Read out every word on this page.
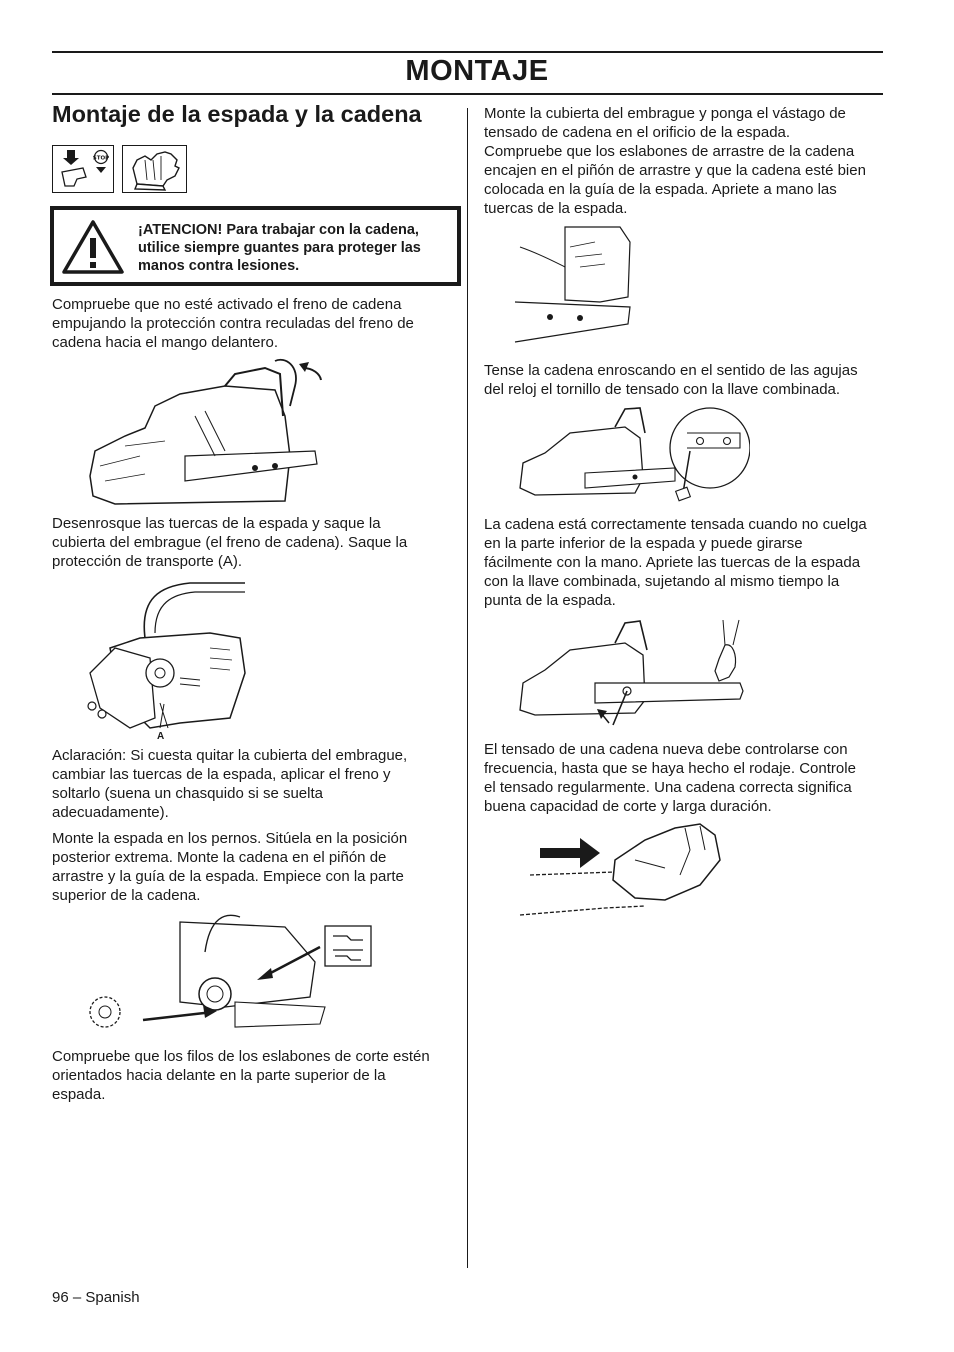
MONTAJE
Montaje de la espada y la cadena
STOP
¡ATENCION! Para trabajar con la cadena,
utilice siempre guantes para proteger las
manos contra lesiones.
Compruebe que no esté activado el freno de cadena
empujando la protección contra reculadas del freno de
cadena hacia el mango delantero.
Desenrosque las tuercas de la espada y saque la
cubierta del embrague (el freno de cadena). Saque la
protección de transporte (A).
A
Aclaración: Si cuesta quitar la cubierta del embrague,
cambiar las tuercas de la espada, aplicar el freno y
soltarlo (suena un chasquido si se suelta
adecuadamente).
Monte la espada en los pernos. Sitúela en la posición
posterior extrema. Monte la cadena en el piñón de
arrastre y la guía de la espada. Empiece con la parte
superior de la cadena.
Compruebe que los filos de los eslabones de corte estén
orientados hacia delante en la parte superior de la
espada.
Monte la cubierta del embrague y ponga el vástago de
tensado de cadena en el orificio de la espada.
Compruebe que los eslabones de arrastre de la cadena
encajen en el piñón de arrastre y que la cadena esté bien
colocada en la guía de la espada. Apriete a mano las
tuercas de la espada.
Tense la cadena enroscando en el sentido de las agujas
del reloj el tornillo de tensado con la llave combinada.
La cadena está correctamente tensada cuando no cuelga
en la parte inferior de la espada y puede girarse
fácilmente con la mano. Apriete las tuercas de la espada
con la llave combinada, sujetando al mismo tiempo la
punta de la espada.
El tensado de una cadena nueva debe controlarse con
frecuencia, hasta que se haya hecho el rodaje. Controle
el tensado regularmente. Una cadena correcta significa
buena capacidad de corte y larga duración.
96 – Spanish
